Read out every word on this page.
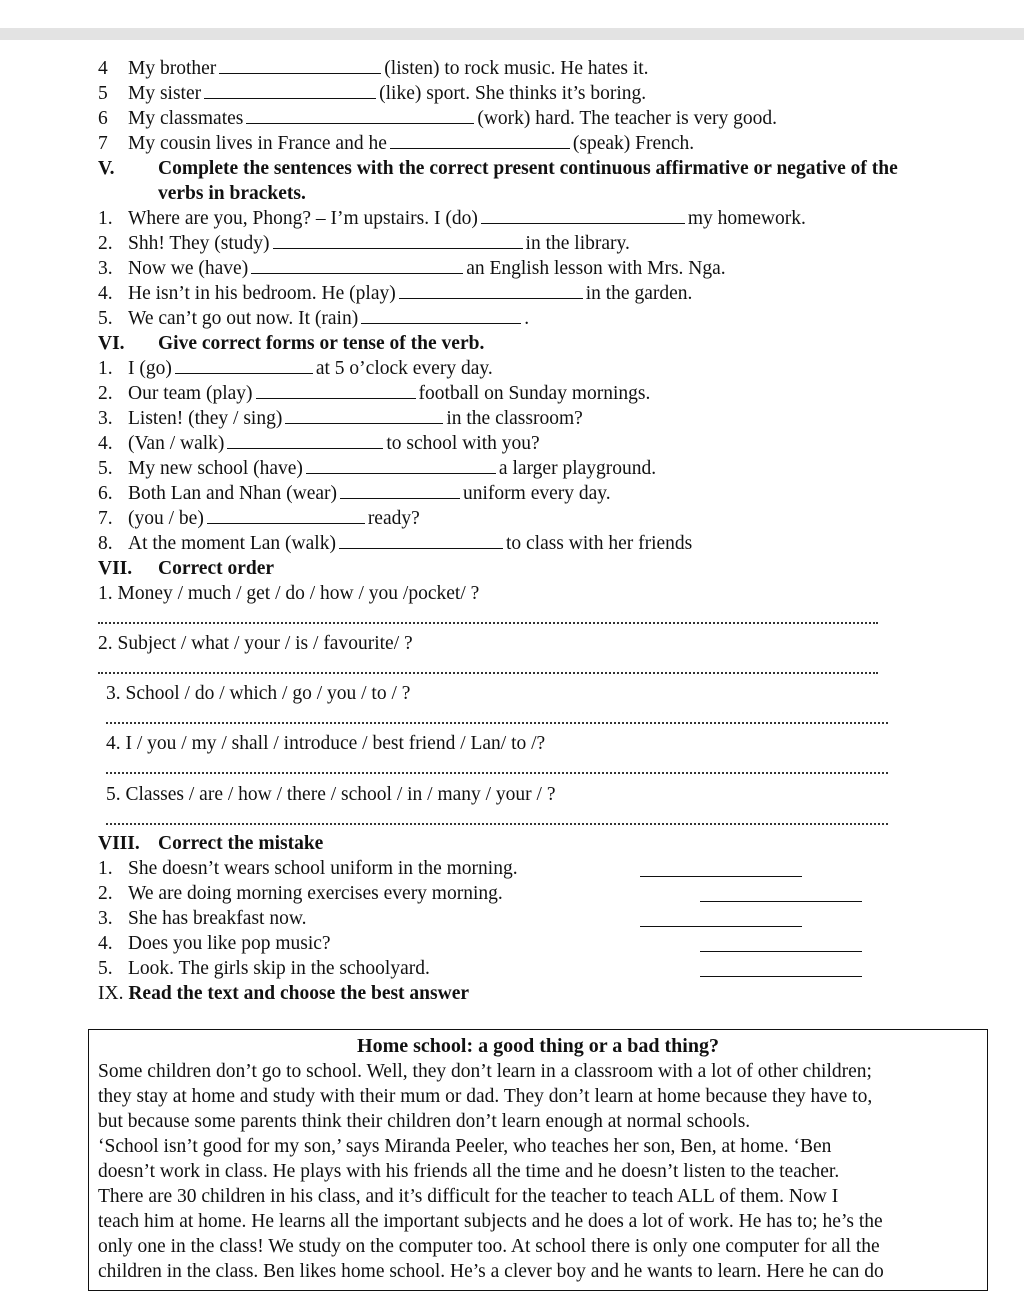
4 My brother	(listen) to rock music. He hates it.
5 My sister	(like) sport. She thinks it’s boring.
6 My classmates	(work) hard. The teacher is very good.
7 My cousin lives in France and he	(speak) French.
V. Complete the sentences with the correct present continuous affirmative or negative of the
verbs in brackets.
1. Where are you, Phong? – I’m upstairs. I (do)	my homework.
2. Shh! They (study)	in the library.
3. Now we (have)	an English lesson with Mrs. Nga.
4. He isn’t in his bedroom. He (play)	in the garden.
5. We can’t go out now. It (rain)	.
VI. Give correct forms or tense of the verb.
1. I (go)	at 5 o’clock every day.
2. Our team (play)	football on Sunday mornings.
3. Listen! (they / sing)	in the classroom?
4. (Van / walk)	to school with you?
5. My new school (have)	a larger playground.
6. Both Lan and Nhan (wear)	uniform every day.
7. (you / be)	ready?
8. At the moment Lan (walk)	to class with her friends
VII. Correct order
1. Money / much / get / do / how / you /pocket/ ?
2. Subject / what / your / is / favourite/ ?
3. School / do / which / go / you / to / ?
4. I / you / my / shall / introduce / best friend / Lan/ to /?
5. Classes / are / how / there / school / in / many / your / ?
VIII. Correct the mistake
1. She doesn’t wears school uniform in the morning.
2. We are doing morning exercises every morning.
3. She has breakfast now.
4. Does you like pop music?
5. Look. The girls skip in the schoolyard.
IX. Read the text and choose the best answer
Home school: a good thing or a bad thing?
Some children don’t go to school. Well, they don’t learn in a classroom with a lot of other children;
they stay at home and study with their mum or dad. They don’t learn at home because they have to,
but because some parents think their children don’t learn enough at normal schools.
‘School isn’t good for my son,’ says Miranda Peeler, who teaches her son, Ben, at home. ‘Ben
doesn’t work in class. He plays with his friends all the time and he doesn’t listen to the teacher.
There are 30 children in his class, and it’s difficult for the teacher to teach ALL of them. Now I
teach him at home. He learns all the important subjects and he does a lot of work. He has to; he’s the
only one in the class! We study on the computer too. At school there is only one computer for all the
children in the class. Ben likes home school. He’s a clever boy and he wants to learn. Here he can do
